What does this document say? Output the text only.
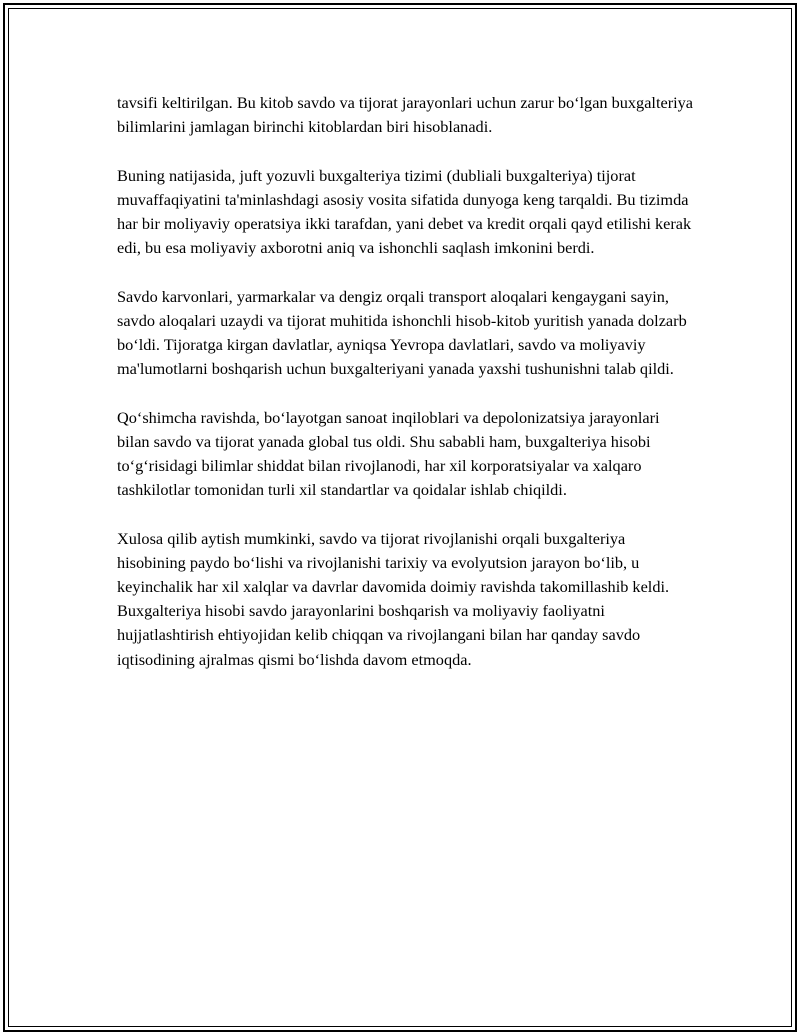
tavsifi keltirilgan. Bu kitob savdo va tijorat jarayonlari uchun zarur bo‘lgan buxgalteriya bilimlarini jamlagan birinchi kitoblardan biri hisoblanadi.

Buning natijasida, juft yozuvli buxgalteriya tizimi (dubliali buxgalteriya) tijorat muvaffaqiyatini ta'minlashdagi asosiy vosita sifatida dunyoga keng tarqaldi. Bu tizimda har bir moliyaviy operatsiya ikki tarafdan, yani debet va kredit orqali qayd etilishi kerak edi, bu esa moliyaviy axborotni aniq va ishonchli saqlash imkonini berdi.

Savdo karvonlari, yarmarkalar va dengiz orqali transport aloqalari kengaygani sayin, savdo aloqalari uzaydi va tijorat muhitida ishonchli hisob-kitob yuritish yanada dolzarb bo‘ldi. Tijoratga kirgan davlatlar, ayniqsa Yevropa davlatlari, savdo va moliyaviy ma'lumotlarni boshqarish uchun buxgalteriyani yanada yaxshi tushunishni talab qildi.

Qo‘shimcha ravishda, bo‘layotgan sanoat inqiloblari va depolonizatsiya jarayonlari bilan savdo va tijorat yanada global tus oldi. Shu sababli ham, buxgalteriya hisobi to‘g‘risidagi bilimlar shiddat bilan rivojlanodi, har xil korporatsiyalar va xalqaro tashkilotlar tomonidan turli xil standartlar va qoidalar ishlab chiqildi.

Xulosa qilib aytish mumkinki, savdo va tijorat rivojlanishi orqali buxgalteriya hisobining paydo bo‘lishi va rivojlanishi tarixiy va evolyutsion jarayon bo‘lib, u keyinchalik har xil xalqlar va davrlar davomida doimiy ravishda takomillashib keldi. Buxgalteriya hisobi savdo jarayonlarini boshqarish va moliyaviy faoliyatni hujjatlashtirish ehtiyojidan kelib chiqqan va rivojlangani bilan har qanday savdo iqtisodining ajralmas qismi bo‘lishda davom etmoqda.
